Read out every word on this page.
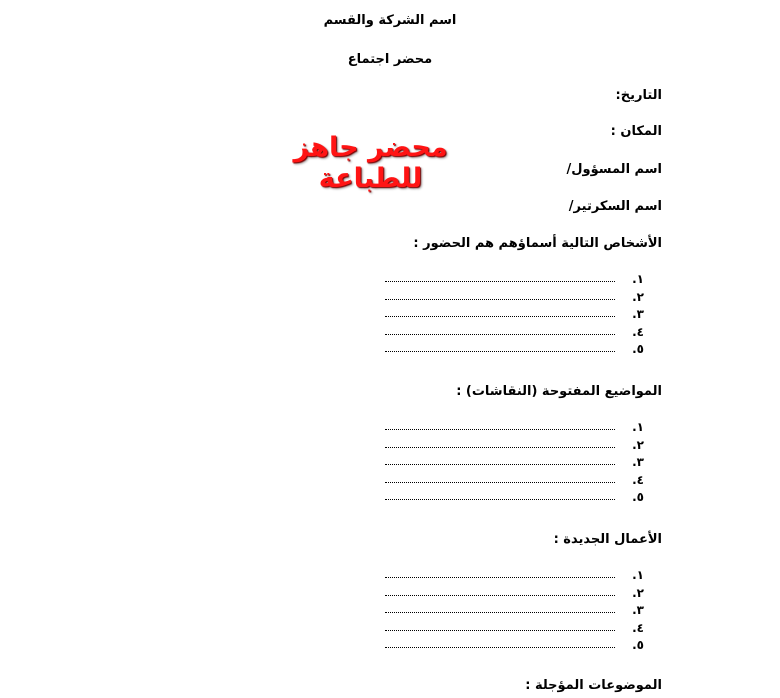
اسم الشركة والقسم
محضر اجتماع
التاريخ:
المكان :
اسم المسؤول/
اسم السكرتير/
محضر جاهز للطباعة
الأشخاص التالية أسماؤهم هم الحضور :
١.
٢.
٣.
٤.
٥.
المواضيع المفتوحة (النقاشات) :
١.
٢.
٣.
٤.
٥.
الأعمال الجديدة :
١.
٢.
٣.
٤.
٥.
الموضوعات المؤجلة :
